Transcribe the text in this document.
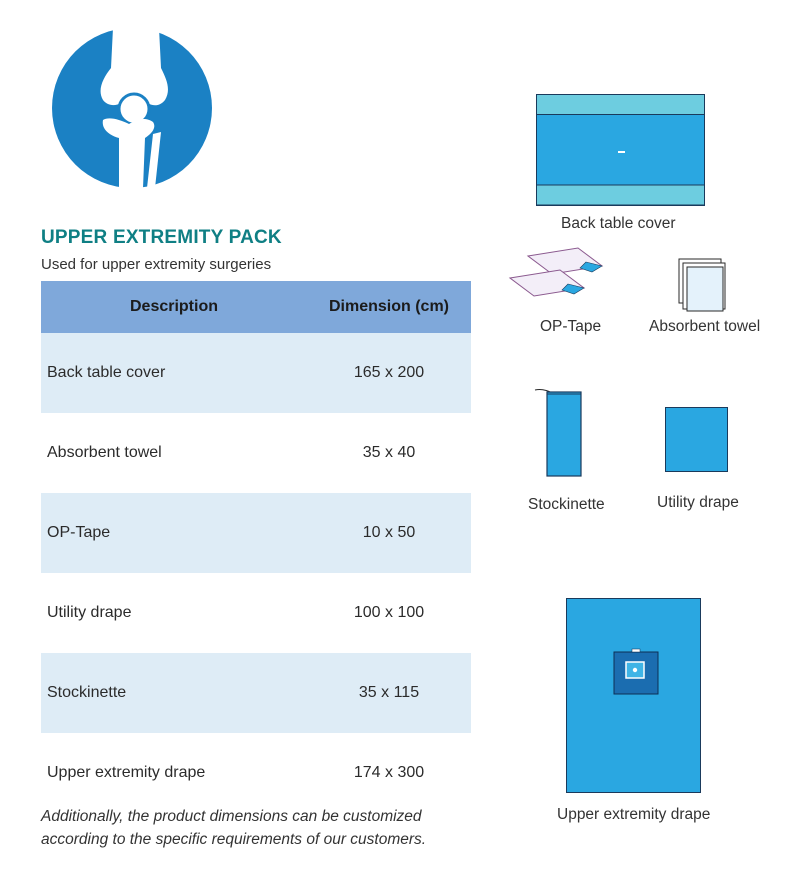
UPPER EXTREMITY PACK
Used for upper extremity surgeries
Description	Dimension (cm)
Back table cover	165 x 200
Absorbent towel	35 x 40
OP-Tape	10 x 50
Utility drape	100 x 100
Stockinette	35 x 115
Upper extremity drape	174 x 300
Additionally, the product dimensions can be customized
according to the specific requirements of our customers.
Back table cover
OP-Tape	Absorbent towel
Stockinette	Utility drape
Upper extremity drape
